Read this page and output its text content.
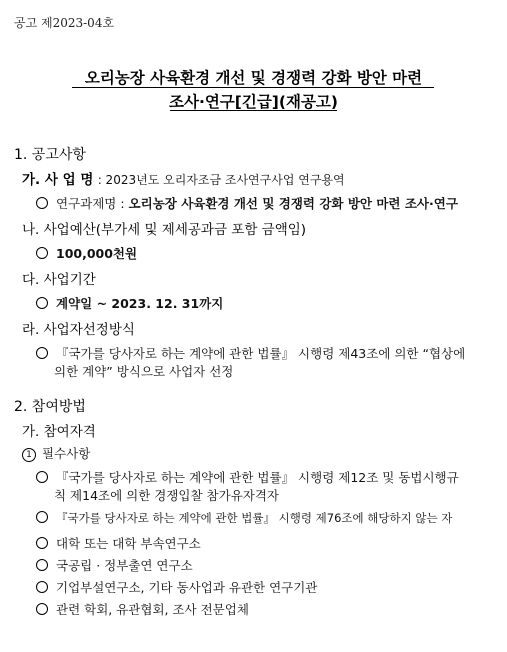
공고 제2023-04호
오리농장 사육환경 개선 및 경쟁력 강화 방안 마련
조사·연구[긴급](재공고)
1. 공고사항
가. 사 업 명 : 2023년도 오리자조금 조사연구사업 연구용역
연구과제명 : 오리농장 사육환경 개선 및 경쟁력 강화 방안 마련 조사·연구
나. 사업예산(부가세 및 제세공과금 포함 금액임)
100,000천원
다. 사업기간
계약일 ~ 2023. 12. 31까지
라. 사업자선정방식
『국가를 당사자로 하는 계약에 관한 법률』 시행령 제43조에 의한 “협상에
의한 계약” 방식으로 사업자 선정
2. 참여방법
가. 참여자격
1 필수사항
『국가를 당사자로 하는 계약에 관한 법률』 시행령 제12조 및 동법시행규
칙 제14조에 의한 경쟁입찰 참가유자격자
『국가를 당사자로 하는 계약에 관한 법률』 시행령 제76조에 해당하지 않는 자
대학 또는 대학 부속연구소
국공립 · 정부출연 연구소
기업부설연구소, 기타 동사업과 유관한 연구기관
관련 학회, 유관협회, 조사 전문업체
